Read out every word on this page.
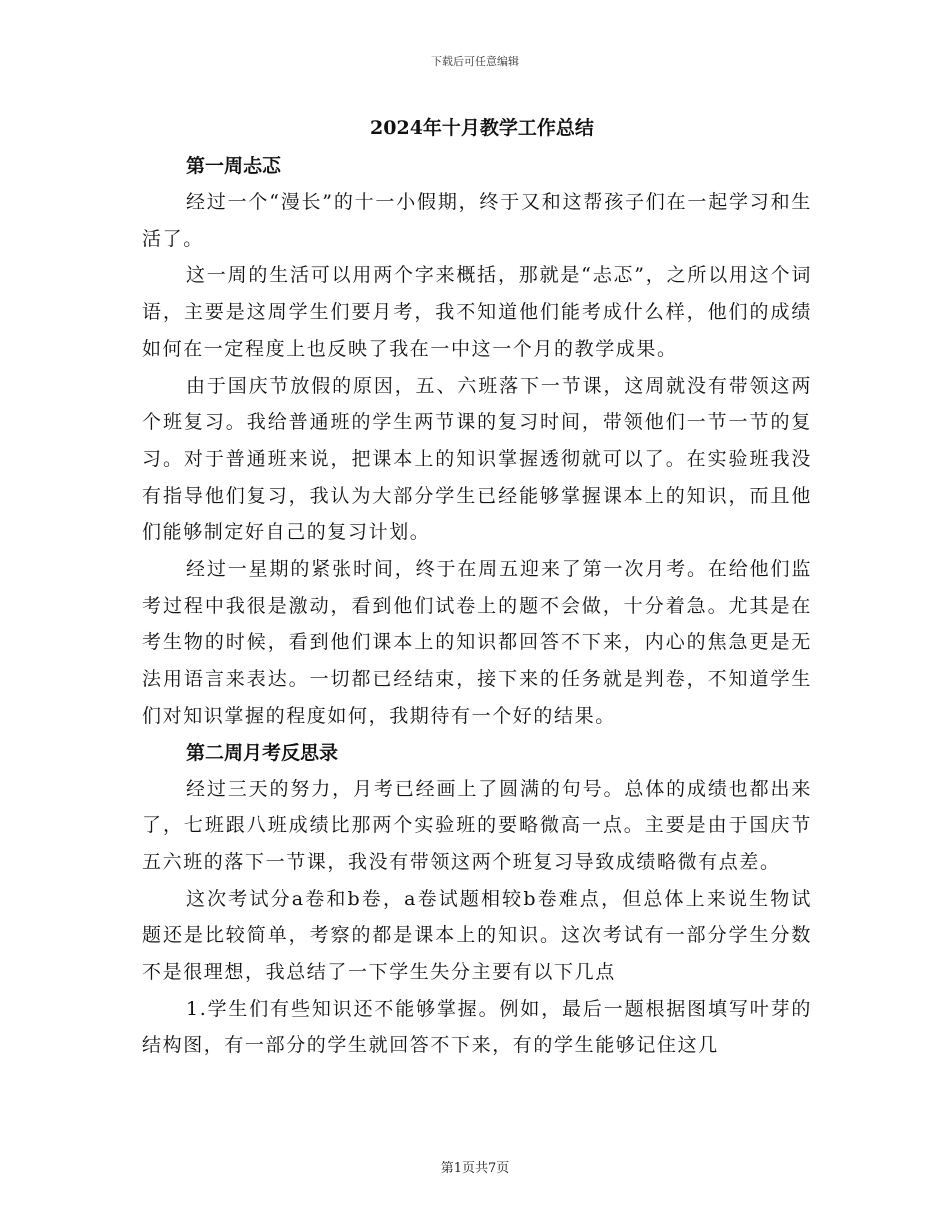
下载后可任意编辑
2024年十月教学工作总结
第一周忐忑

经过一个“漫长”的十一小假期，终于又和这帮孩子们在一起学习和生活了。

这一周的生活可以用两个字来概括，那就是“忐忑”，之所以用这个词语，主要是这周学生们要月考，我不知道他们能考成什么样，他们的成绩如何在一定程度上也反映了我在一中这一个月的教学成果。

由于国庆节放假的原因，五、六班落下一节课，这周就没有带领这两个班复习。我给普通班的学生两节课的复习时间，带领他们一节一节的复习。对于普通班来说，把课本上的知识掌握透彻就可以了。在实验班我没有指导他们复习，我认为大部分学生已经能够掌握课本上的知识，而且他们能够制定好自己的复习计划。

经过一星期的紧张时间，终于在周五迎来了第一次月考。在给他们监考过程中我很是激动，看到他们试卷上的题不会做，十分着急。尤其是在考生物的时候，看到他们课本上的知识都回答不下来，内心的焦急更是无法用语言来表达。一切都已经结束，接下来的任务就是判卷，不知道学生们对知识掌握的程度如何，我期待有一个好的结果。

第二周月考反思录

经过三天的努力，月考已经画上了圆满的句号。总体的成绩也都出来了，七班跟八班成绩比那两个实验班的要略微高一点。主要是由于国庆节五六班的落下一节课，我没有带领这两个班复习导致成绩略微有点差。

这次考试分a卷和b卷，a卷试题相较b卷难点，但总体上来说生物试题还是比较简单，考察的都是课本上的知识。这次考试有一部分学生分数不是很理想，我总结了一下学生失分主要有以下几点

1.学生们有些知识还不能够掌握。例如，最后一题根据图填写叶芽的结构图，有一部分的学生就回答不下来，有的学生能够记住这几

第1页共7页
